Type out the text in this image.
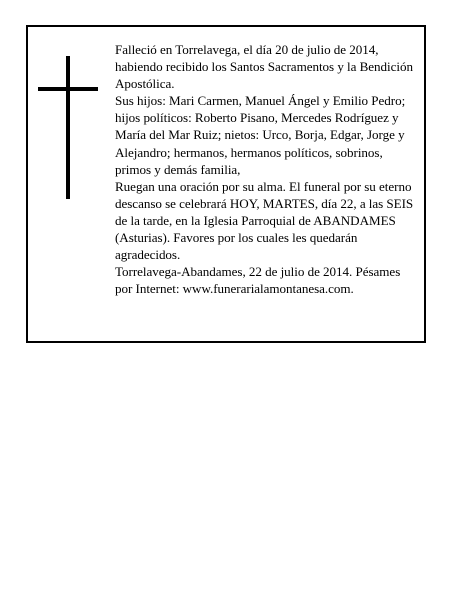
Falleció en Torrelavega, el día 20 de julio de 2014, habiendo recibido los Santos Sacramentos y la Bendición Apostólica.

Sus hijos: Mari Carmen, Manuel Ángel y Emilio Pedro; hijos políticos: Roberto Pisano, Mercedes Rodríguez y María del Mar Ruiz; nietos: Urco, Borja, Edgar, Jorge y Alejandro; hermanos, hermanos políticos, sobrinos, primos y demás familia,

Ruegan una oración por su alma. El funeral por su eterno descanso se celebrará HOY, MARTES, día 22, a las SEIS de la tarde, en la Iglesia Parroquial de ABANDAMES (Asturias). Favores por los cuales les quedarán agradecidos.

Torrelavega-Abandames, 22 de julio de 2014. Pésames por Internet: www.funerarialamontanesa.com.
